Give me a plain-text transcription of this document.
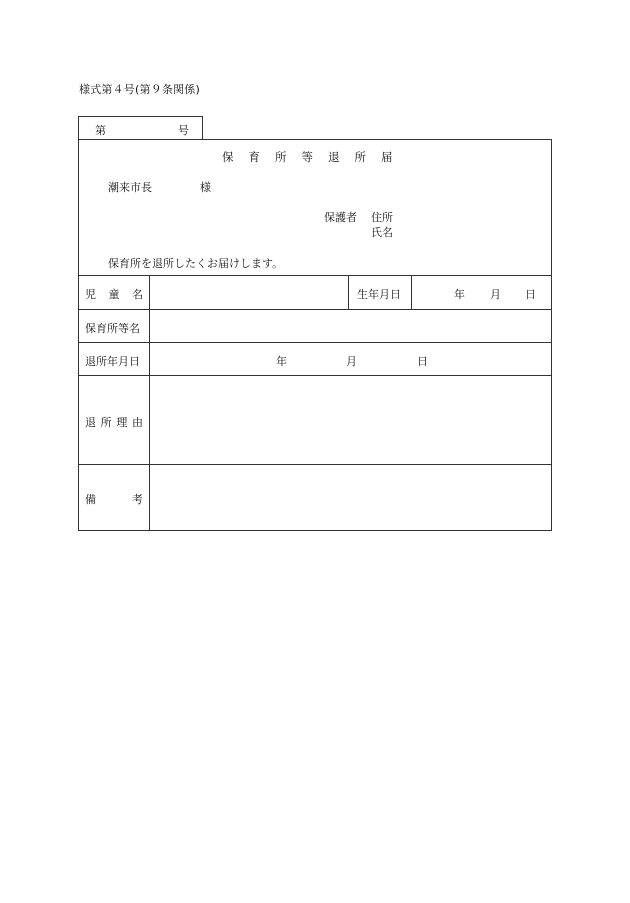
様式第４号(第９条関係)
第	号
保 育 所 等 退 所 届
潮来市長	様
保護者 住所
氏名
保育所を退所したくお届けします。
児 童 名	生年月日	年 月 日
保育所等名
退所年月日	年	月	日
退 所 理 由
備	考
